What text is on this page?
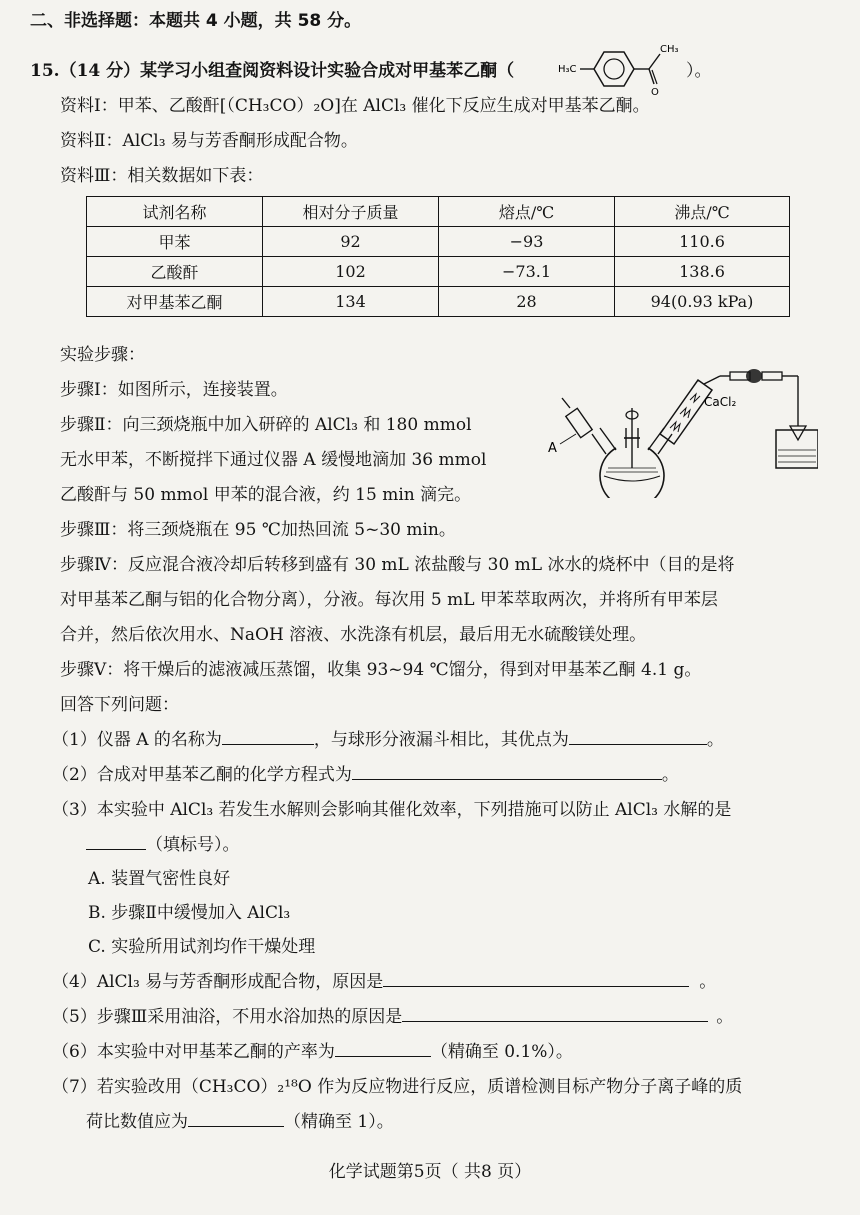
二、非选择题：本题共 4 小题，共 58 分。
15.（14 分）某学习小组查阅资料设计实验合成对甲基苯乙酮（	H₃C
CH₃
O
）。
资料Ⅰ：甲苯、乙酸酐[（CH₃CO）₂O]在 AlCl₃ 催化下反应生成对甲基苯乙酮。
资料Ⅱ：AlCl₃ 易与芳香酮形成配合物。
资料Ⅲ：相关数据如下表：
试剂名称	相对分子质量	熔点/℃	沸点/℃
甲苯	92	−93	110.6
乙酸酐	102	−73.1	138.6
对甲基苯乙酮	134	28	94(0.93 kPa)
实验步骤：
步骤Ⅰ：如图所示，连接装置。
步骤Ⅱ：向三颈烧瓶中加入研碎的 AlCl₃ 和 180 mmol
无水甲苯，不断搅拌下通过仪器 A 缓慢地滴加 36 mmol
乙酸酐与 50 mmol 甲苯的混合液，约 15 min 滴完。
步骤Ⅲ：将三颈烧瓶在 95 ℃加热回流 5~30 min。
A
CaCl₂
步骤Ⅳ：反应混合液冷却后转移到盛有 30 mL 浓盐酸与 30 mL 冰水的烧杯中（目的是将
对甲基苯乙酮与铝的化合物分离），分液。每次用 5 mL 甲苯萃取两次，并将所有甲苯层
合并，然后依次用水、NaOH 溶液、水洗涤有机层，最后用无水硫酸镁处理。
步骤Ⅴ：将干燥后的滤液减压蒸馏，收集 93~94 ℃馏分，得到对甲基苯乙酮 4.1 g。
回答下列问题：
（1）仪器 A 的名称为	，与球形分液漏斗相比，其优点为	。
（2）合成对甲基苯乙酮的化学方程式为	。
（3）本实验中 AlCl₃ 若发生水解则会影响其催化效率，下列措施可以防止 AlCl₃ 水解的是
（填标号）。
A. 装置气密性良好
B. 步骤Ⅱ中缓慢加入 AlCl₃
C. 实验所用试剂均作干燥处理
（4）AlCl₃ 易与芳香酮形成配合物，原因是	。
（5）步骤Ⅲ采用油浴，不用水浴加热的原因是	。
（6）本实验中对甲基苯乙酮的产率为	（精确至 0.1%）。
（7）若实验改用（CH₃CO）₂¹⁸O 作为反应物进行反应，质谱检测目标产物分子离子峰的质
荷比数值应为	（精确至 1）。
化学试题第5页（ 共8 页）
